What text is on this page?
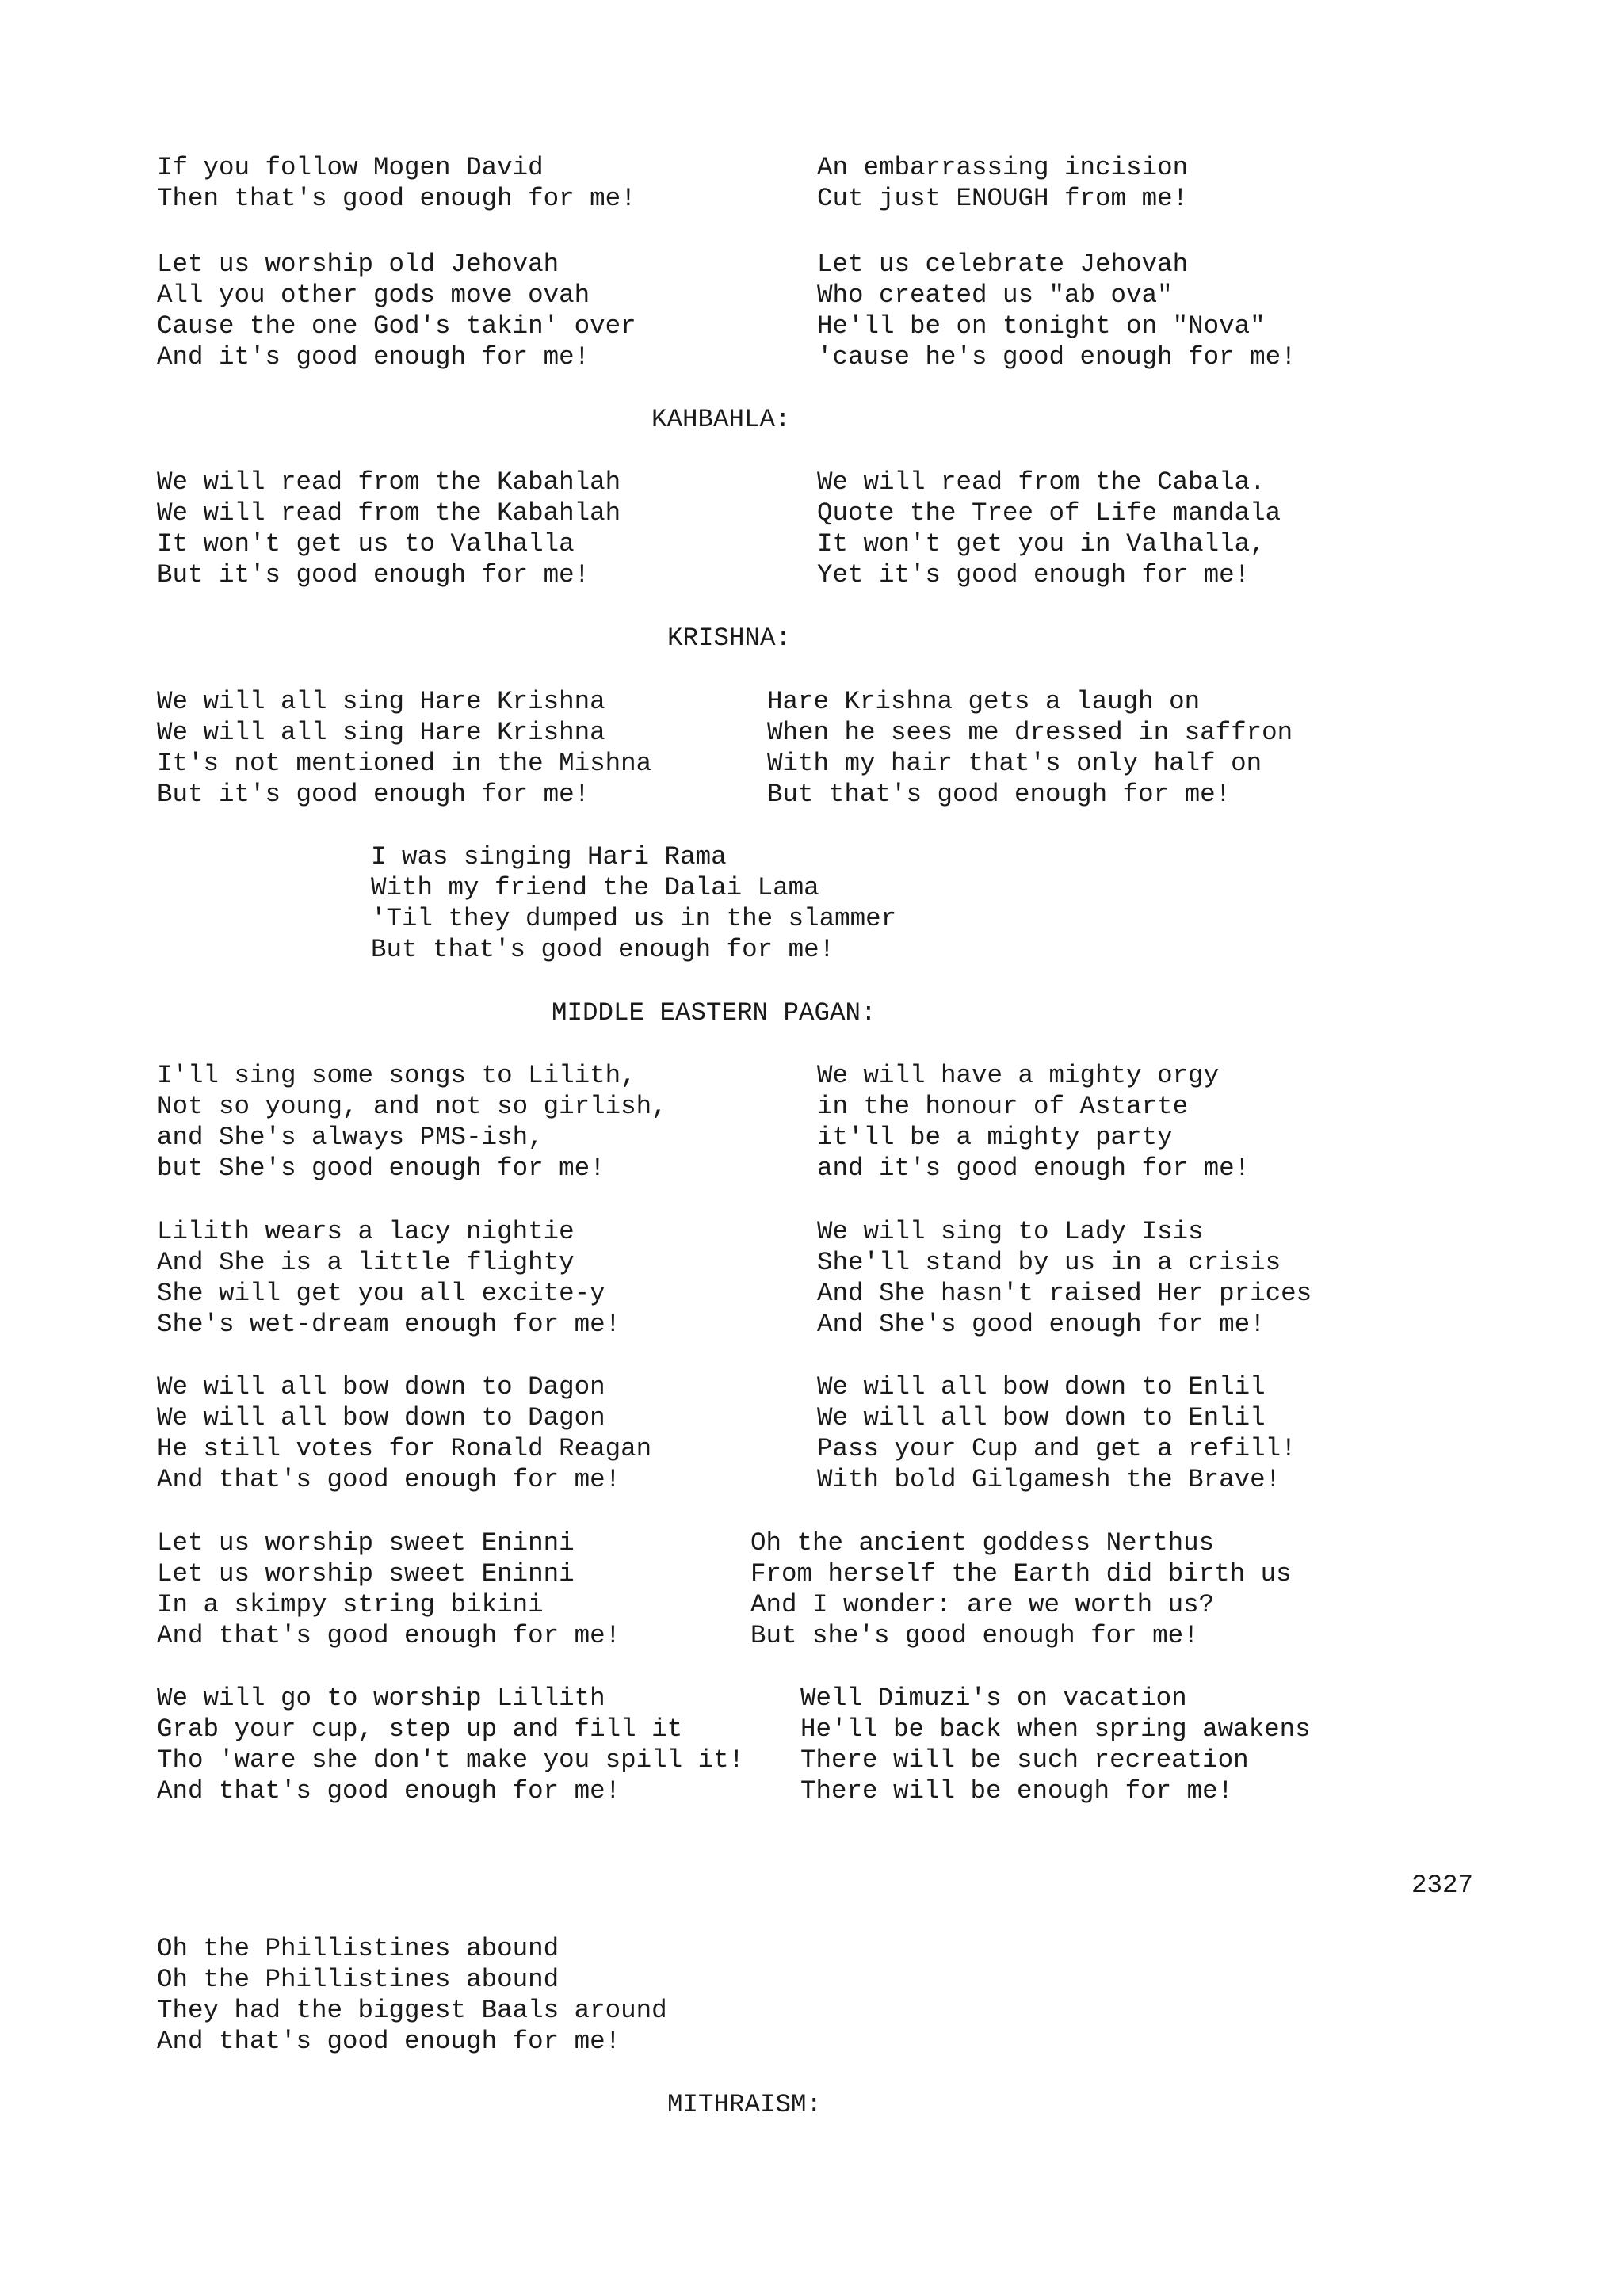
If you follow Mogen David
Then that's good enough for me!
An embarrassing incision
Cut just ENOUGH from me!
Let us worship old Jehovah
All you other gods move ovah
Cause the one God's takin' over
And it's good enough for me!
Let us celebrate Jehovah
Who created us "ab ova"
He'll be on tonight on "Nova"
'cause he's good enough for me!
KAHBAHLA:
We will read from the Kabahlah
We will read from the Kabahlah
It won't get us to Valhalla
But it's good enough for me!
We will read from the Cabala.
Quote the Tree of Life mandala
It won't get you in Valhalla,
Yet it's good enough for me!
KRISHNA:
We will all sing Hare Krishna
We will all sing Hare Krishna
It's not mentioned in the Mishna
But it's good enough for me!
Hare Krishna gets a laugh on
When he sees me dressed in saffron
With my hair that's only half on
But that's good enough for me!
I was singing Hari Rama
With my friend the Dalai Lama
'Til they dumped us in the slammer
But that's good enough for me!
MIDDLE EASTERN PAGAN:
I'll sing some songs to Lilith,
Not so young, and not so girlish,
and She's always PMS-ish,
but She's good enough for me!
We will have a mighty orgy
in the honour of Astarte
it'll be a mighty party
and it's good enough for me!
Lilith wears a lacy nightie
And She is a little flighty
She will get you all excite-y
She's wet-dream enough for me!
We will sing to Lady Isis
She'll stand by us in a crisis
And She hasn't raised Her prices
And She's good enough for me!
We will all bow down to Dagon
We will all bow down to Dagon
He still votes for Ronald Reagan
And that's good enough for me!
We will all bow down to Enlil
We will all bow down to Enlil
Pass your Cup and get a refill!
With bold Gilgamesh the Brave!
Let us worship sweet Eninni
Let us worship sweet Eninni
In a skimpy string bikini
And that's good enough for me!
Oh the ancient goddess Nerthus
From herself the Earth did birth us
And I wonder: are we worth us?
But she's good enough for me!
We will go to worship Lillith
Grab your cup, step up and fill it
Tho 'ware she don't make you spill it!
And that's good enough for me!
Well Dimuzi's on vacation
He'll be back when spring awakens
There will be such recreation
There will be enough for me!
2327
Oh the Phillistines abound
Oh the Phillistines abound
They had the biggest Baals around
And that's good enough for me!
MITHRAISM:
